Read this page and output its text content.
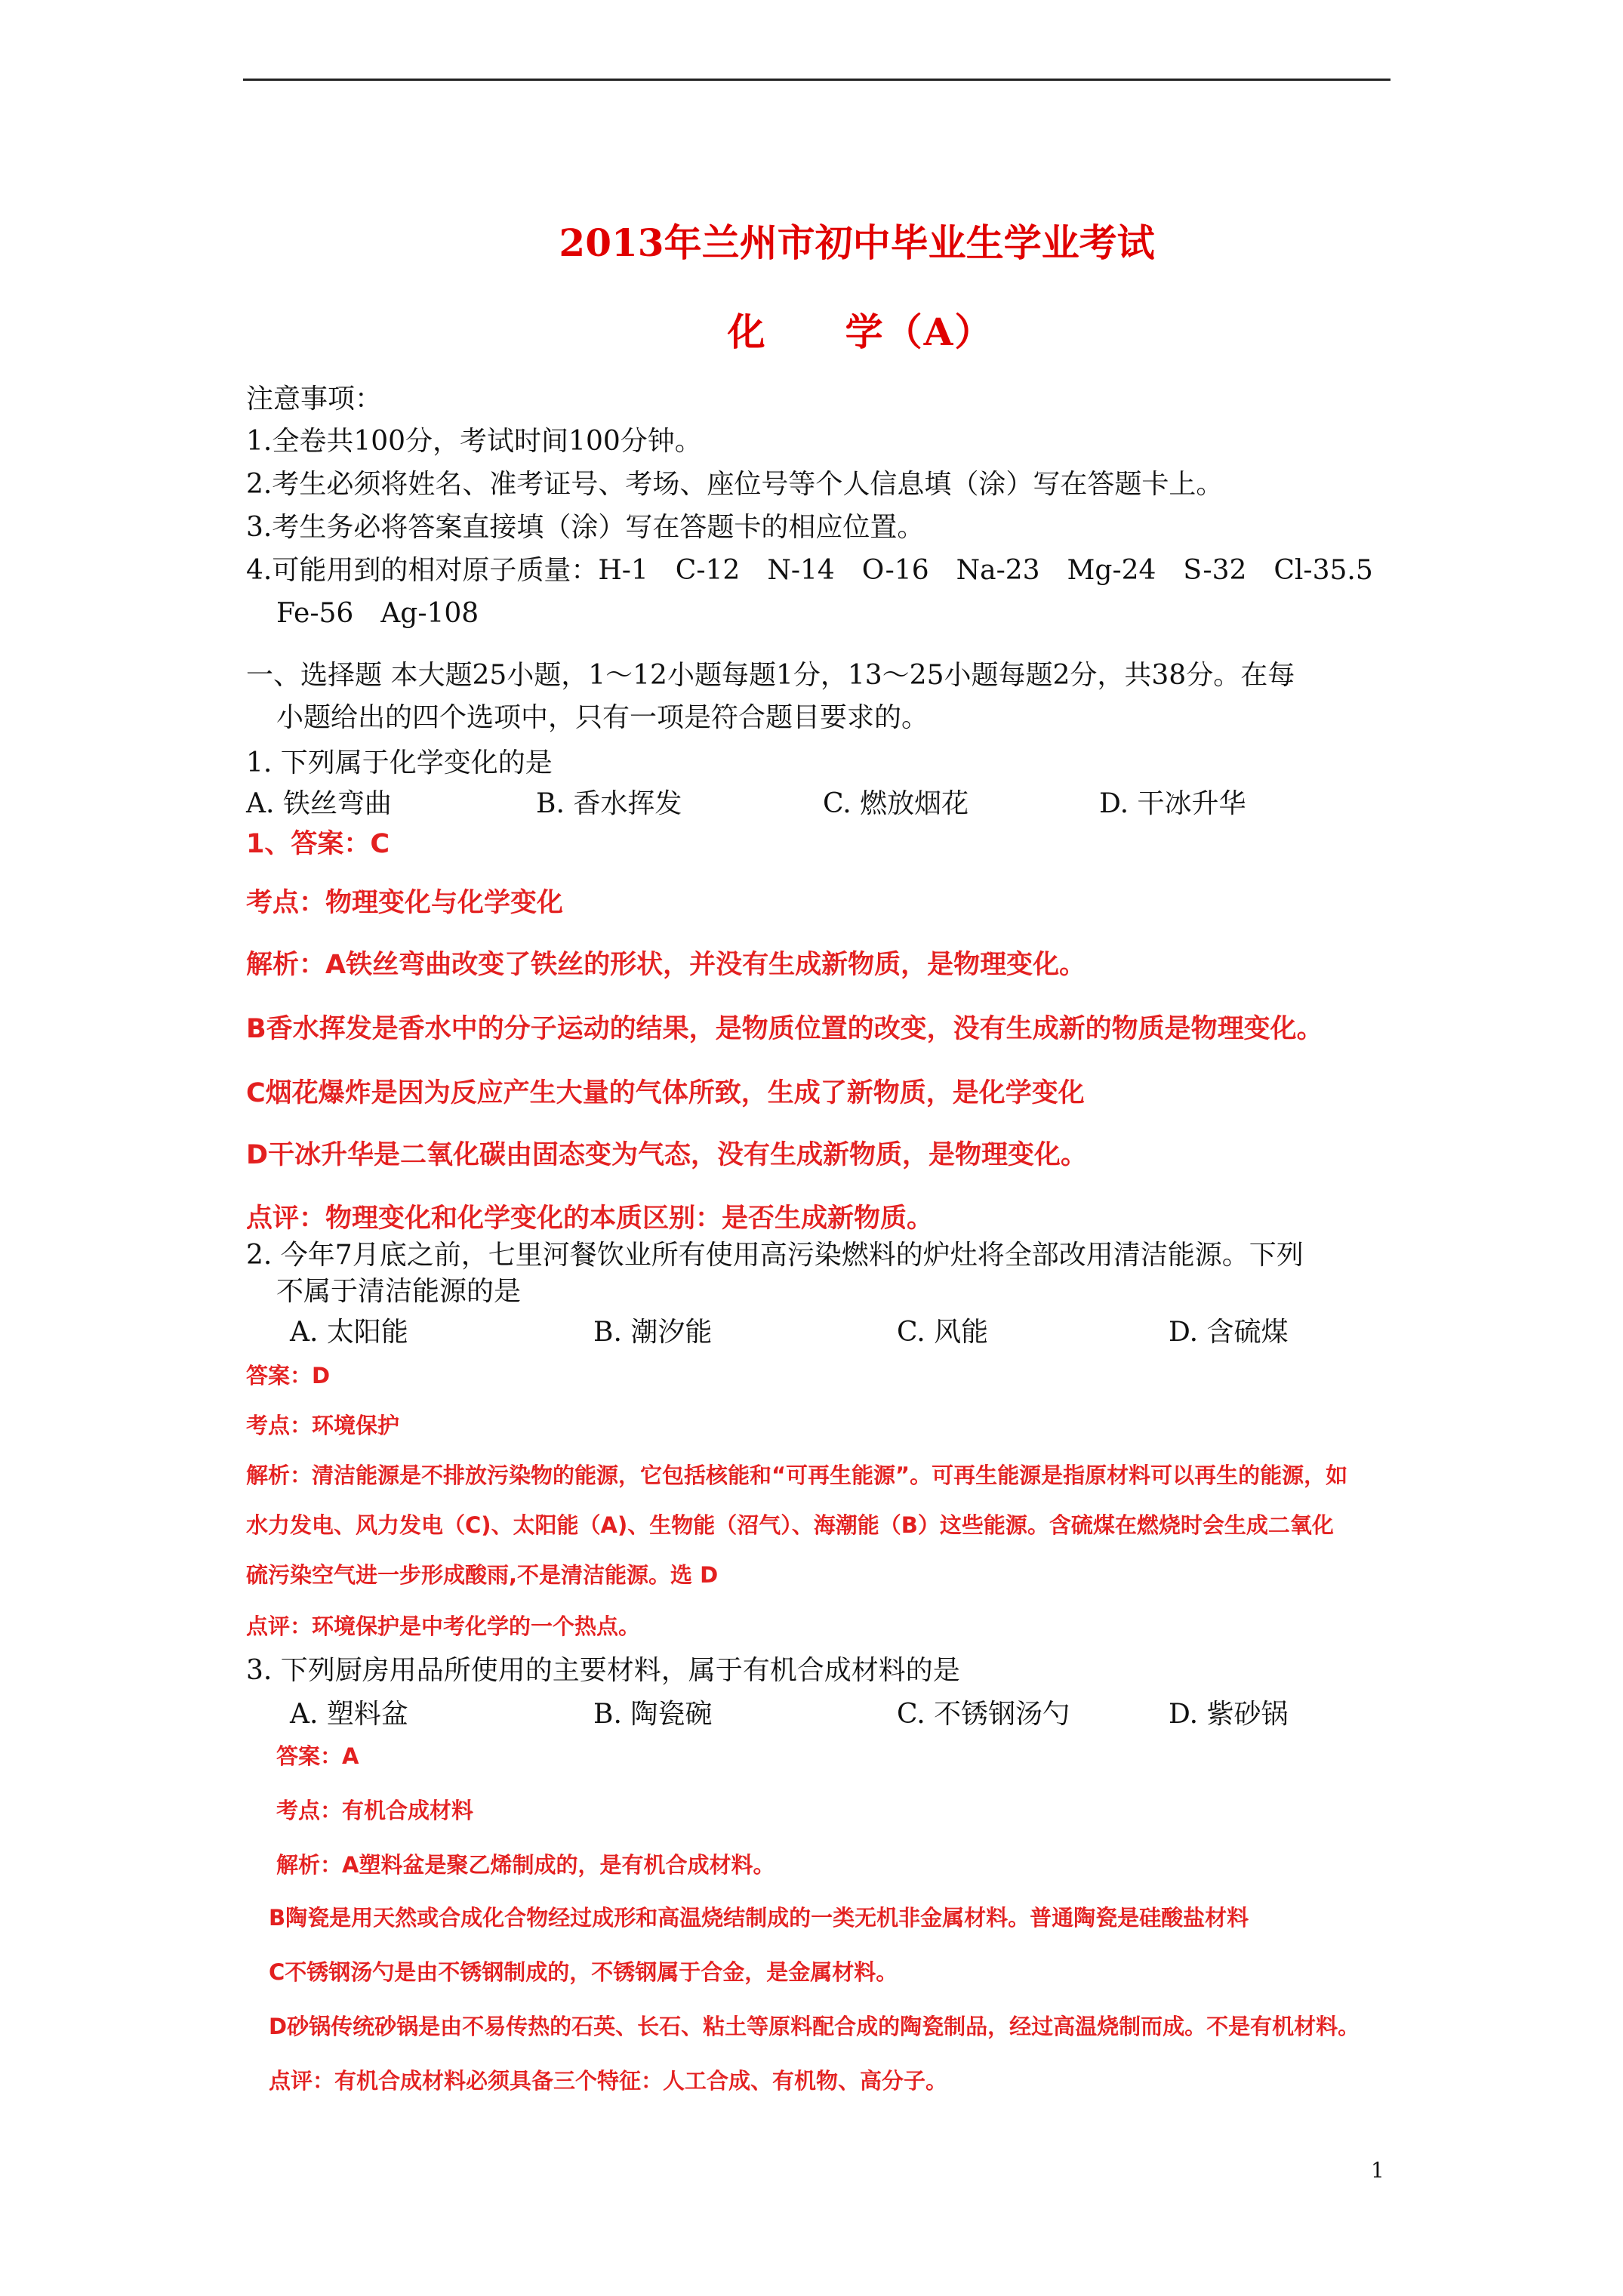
2013年兰州市初中毕业生学业考试
化　　学（A）
注意事项：
1.全卷共100分，考试时间100分钟。
2.考生必须将姓名、准考证号、考场、座位号等个人信息填（涂）写在答题卡上。
3.考生务必将答案直接填（涂）写在答题卡的相应位置。
4.可能用到的相对原子质量：H-1　C-12　N-14　O-16　Na-23　Mg-24　S-32　Cl-35.5
Fe-56　Ag-108
一、选择题 本大题25小题，1～12小题每题1分，13～25小题每题2分，共38分。在每
小题给出的四个选项中，只有一项是符合题目要求的。
1. 下列属于化学变化的是
A. 铁丝弯曲	B. 香水挥发	C. 燃放烟花	D. 干冰升华
1、答案：C
考点：物理变化与化学变化
解析：A铁丝弯曲改变了铁丝的形状，并没有生成新物质，是物理变化。
B香水挥发是香水中的分子运动的结果，是物质位置的改变，没有生成新的物质是物理变化。
C烟花爆炸是因为反应产生大量的气体所致，生成了新物质，是化学变化
D干冰升华是二氧化碳由固态变为气态，没有生成新物质，是物理变化。
点评：物理变化和化学变化的本质区别：是否生成新物质。
2. 今年7月底之前，七里河餐饮业所有使用高污染燃料的炉灶将全部改用清洁能源。下列
不属于清洁能源的是
A. 太阳能	B. 潮汐能	C. 风能	D. 含硫煤
答案：D
考点：环境保护
解析：清洁能源是不排放污染物的能源，它包括核能和“可再生能源”。可再生能源是指原材料可以再生的能源，如
水力发电、风力发电（C)、太阳能（A)、生物能（沼气）、海潮能（B）这些能源。含硫煤在燃烧时会生成二氧化
硫污染空气进一步形成酸雨,不是清洁能源。选 D
点评：环境保护是中考化学的一个热点。
3. 下列厨房用品所使用的主要材料，属于有机合成材料的是
A. 塑料盆	B. 陶瓷碗	C. 不锈钢汤勺	D. 紫砂锅
答案：A
考点：有机合成材料
解析：A塑料盆是聚乙烯制成的，是有机合成材料。
B陶瓷是用天然或合成化合物经过成形和高温烧结制成的一类无机非金属材料。普通陶瓷是硅酸盐材料
C不锈钢汤勺是由不锈钢制成的，不锈钢属于合金，是金属材料。
D砂锅传统砂锅是由不易传热的石英、长石、粘土等原料配合成的陶瓷制品，经过高温烧制而成。不是有机材料。
点评：有机合成材料必须具备三个特征：人工合成、有机物、高分子。
1
